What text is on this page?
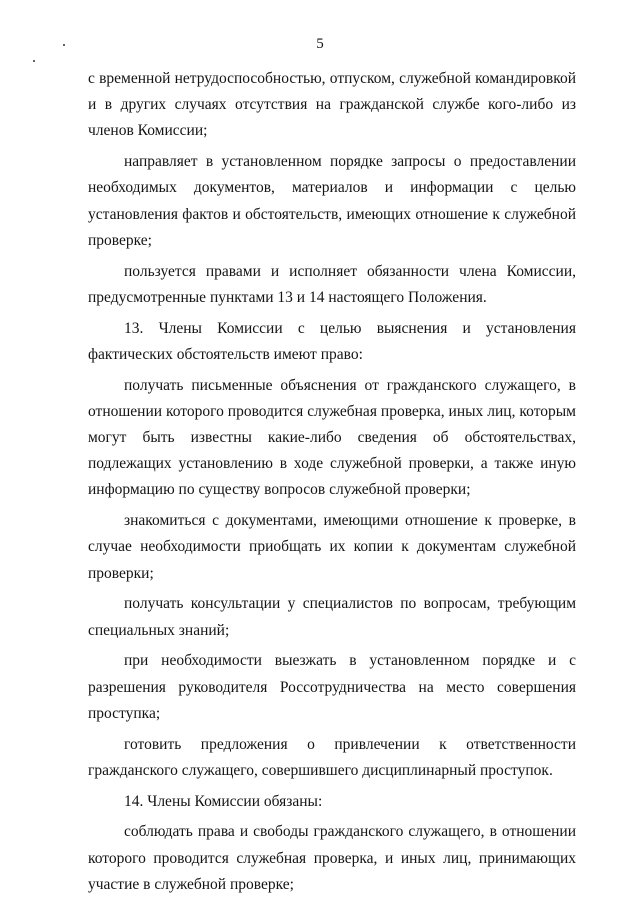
5

с временной нетрудоспособностью, отпуском, служебной командировкой и в других случаях отсутствия на гражданской службе кого-либо из членов Комиссии;

направляет в установленном порядке запросы о предоставлении необходимых документов, материалов и информации с целью установления фактов и обстоятельств, имеющих отношение к служебной проверке;

пользуется правами и исполняет обязанности члена Комиссии, предусмотренные пунктами 13 и 14 настоящего Положения.

13. Члены Комиссии с целью выяснения и установления фактических обстоятельств имеют право:

получать письменные объяснения от гражданского служащего, в отношении которого проводится служебная проверка, иных лиц, которым могут быть известны какие-либо сведения об обстоятельствах, подлежащих установлению в ходе служебной проверки, а также иную информацию по существу вопросов служебной проверки;

знакомиться с документами, имеющими отношение к проверке, в случае необходимости приобщать их копии к документам служебной проверки;

получать консультации у специалистов по вопросам, требующим специальных знаний;

при необходимости выезжать в установленном порядке и с разрешения руководителя Россотрудничества на место совершения проступка;

готовить предложения о привлечении к ответственности гражданского служащего, совершившего дисциплинарный проступок.

14. Члены Комиссии обязаны:

соблюдать права и свободы гражданского служащего, в отношении которого проводится служебная проверка, и иных лиц, принимающих участие в служебной проверке;
